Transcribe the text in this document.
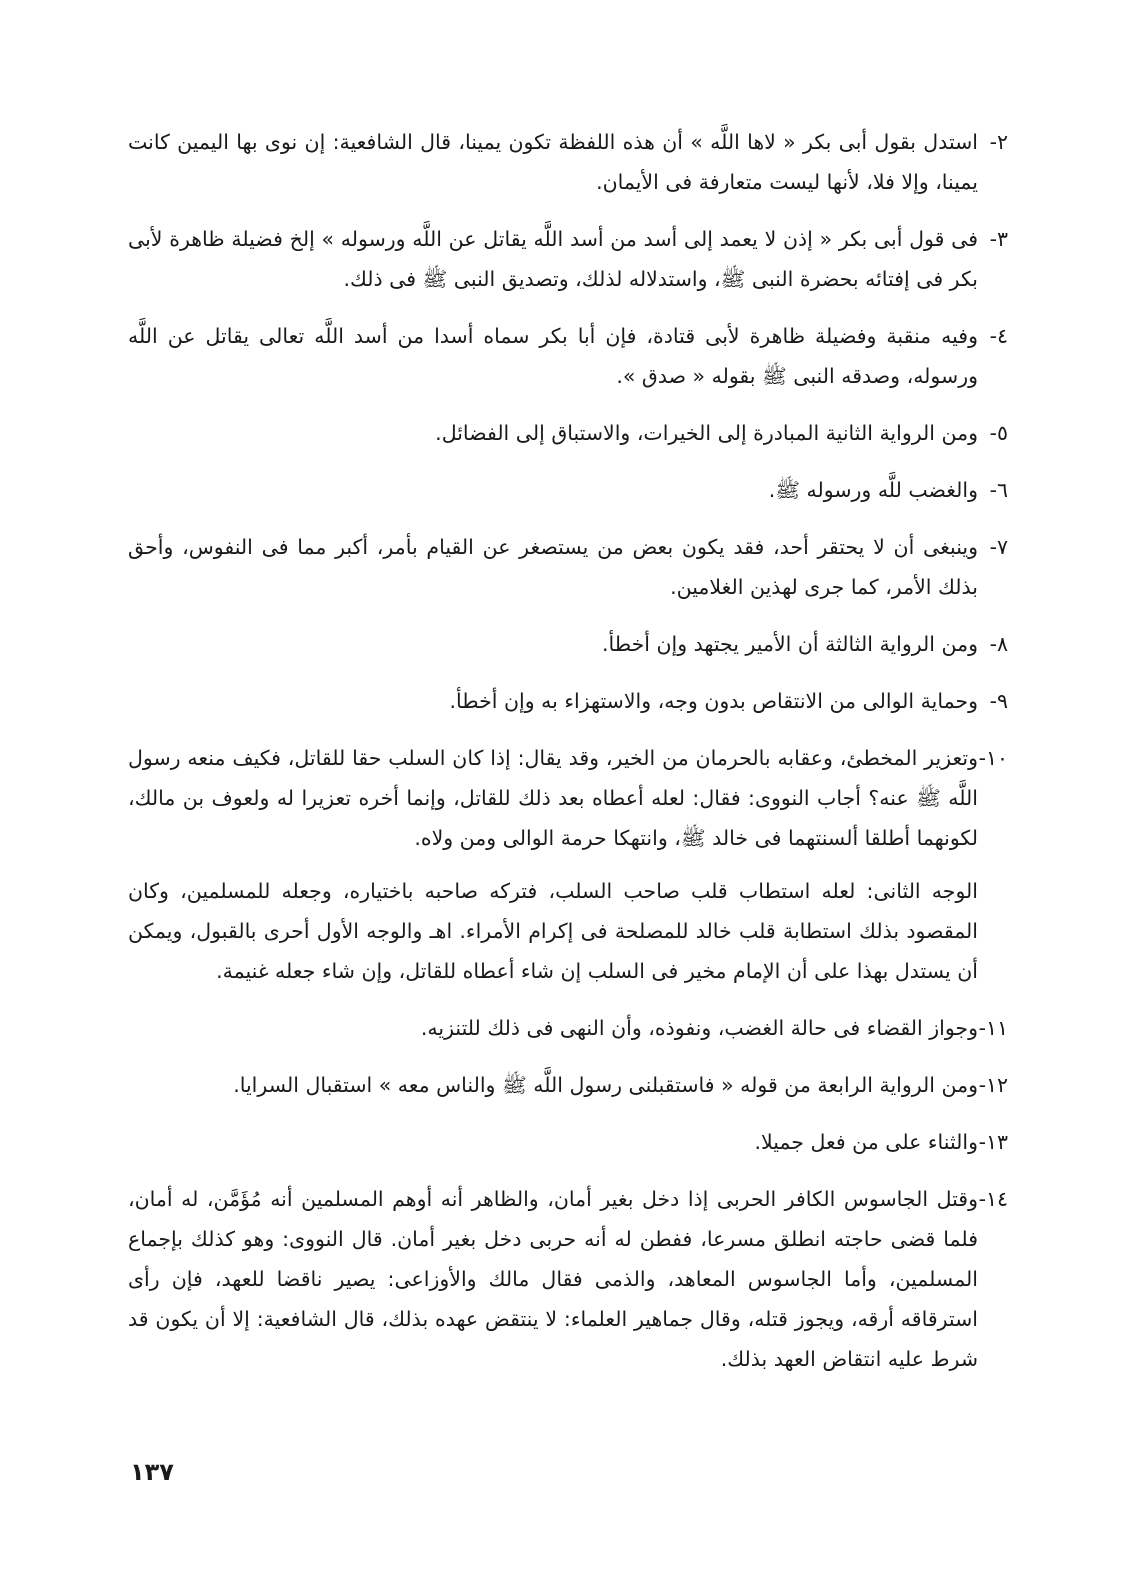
٢-
استدل بقول أبى بكر « لاها اللَّه » أن هذه اللفظة تكون يمينا، قال الشافعية: إن نوى بها اليمين كانت يمينا، وإلا فلا، لأنها ليست متعارفة فى الأيمان.
٣-
فى قول أبى بكر « إذن لا يعمد إلى أسد من أسد اللَّه يقاتل عن اللَّه ورسوله » إلخ فضيلة ظاهرة لأبى بكر فى إفتائه بحضرة النبى ﷺ، واستدلاله لذلك، وتصديق النبى ﷺ فى ذلك.
٤-
وفيه منقبة وفضيلة ظاهرة لأبى قتادة، فإن أبا بكر سماه أسدا من أسد اللَّه تعالى يقاتل عن اللَّه ورسوله، وصدقه النبى ﷺ بقوله « صدق ».
٥-
ومن الرواية الثانية المبادرة إلى الخيرات، والاستباق إلى الفضائل.
٦-
والغضب للَّه ورسوله ﷺ.
٧-
وينبغى أن لا يحتقر أحد، فقد يكون بعض من يستصغر عن القيام بأمر، أكبر مما فى النفوس، وأحق بذلك الأمر، كما جرى لهذين الغلامين.
٨-
ومن الرواية الثالثة أن الأمير يجتهد وإن أخطأ.
٩-
وحماية الوالى من الانتقاص بدون وجه، والاستهزاء به وإن أخطأ.
١٠-
وتعزير المخطئ، وعقابه بالحرمان من الخير، وقد يقال: إذا كان السلب حقا للقاتل، فكيف منعه رسول اللَّه ﷺ عنه؟ أجاب النووى: فقال: لعله أعطاه بعد ذلك للقاتل، وإنما أخره تعزيرا له ولعوف بن مالك، لكونهما أطلقا ألسنتهما فى خالد ﷺ، وانتهكا حرمة الوالى ومن ولاه.
الوجه الثانى: لعله استطاب قلب صاحب السلب، فتركه صاحبه باختياره، وجعله للمسلمين، وكان المقصود بذلك استطابة قلب خالد للمصلحة فى إكرام الأمراء. اهـ والوجه الأول أحرى بالقبول، ويمكن أن يستدل بهذا على أن الإمام مخير فى السلب إن شاء أعطاه للقاتل، وإن شاء جعله غنيمة.
١١-
وجواز القضاء فى حالة الغضب، ونفوذه، وأن النهى فى ذلك للتنزيه.
١٢-
ومن الرواية الرابعة من قوله « فاستقبلنى رسول اللَّه ﷺ والناس معه » استقبال السرايا.
١٣-
والثناء على من فعل جميلا.
١٤-
وقتل الجاسوس الكافر الحربى إذا دخل بغير أمان، والظاهر أنه أوهم المسلمين أنه مُؤَمَّن، له أمان، فلما قضى حاجته انطلق مسرعا، ففطن له أنه حربى دخل بغير أمان. قال النووى: وهو كذلك بإجماع المسلمين، وأما الجاسوس المعاهد، والذمى فقال مالك والأوزاعى: يصير ناقضا للعهد، فإن رأى استرقاقه أرقه، ويجوز قتله، وقال جماهير العلماء: لا ينتقض عهده بذلك، قال الشافعية: إلا أن يكون قد شرط عليه انتقاض العهد بذلك.
١٣٧
